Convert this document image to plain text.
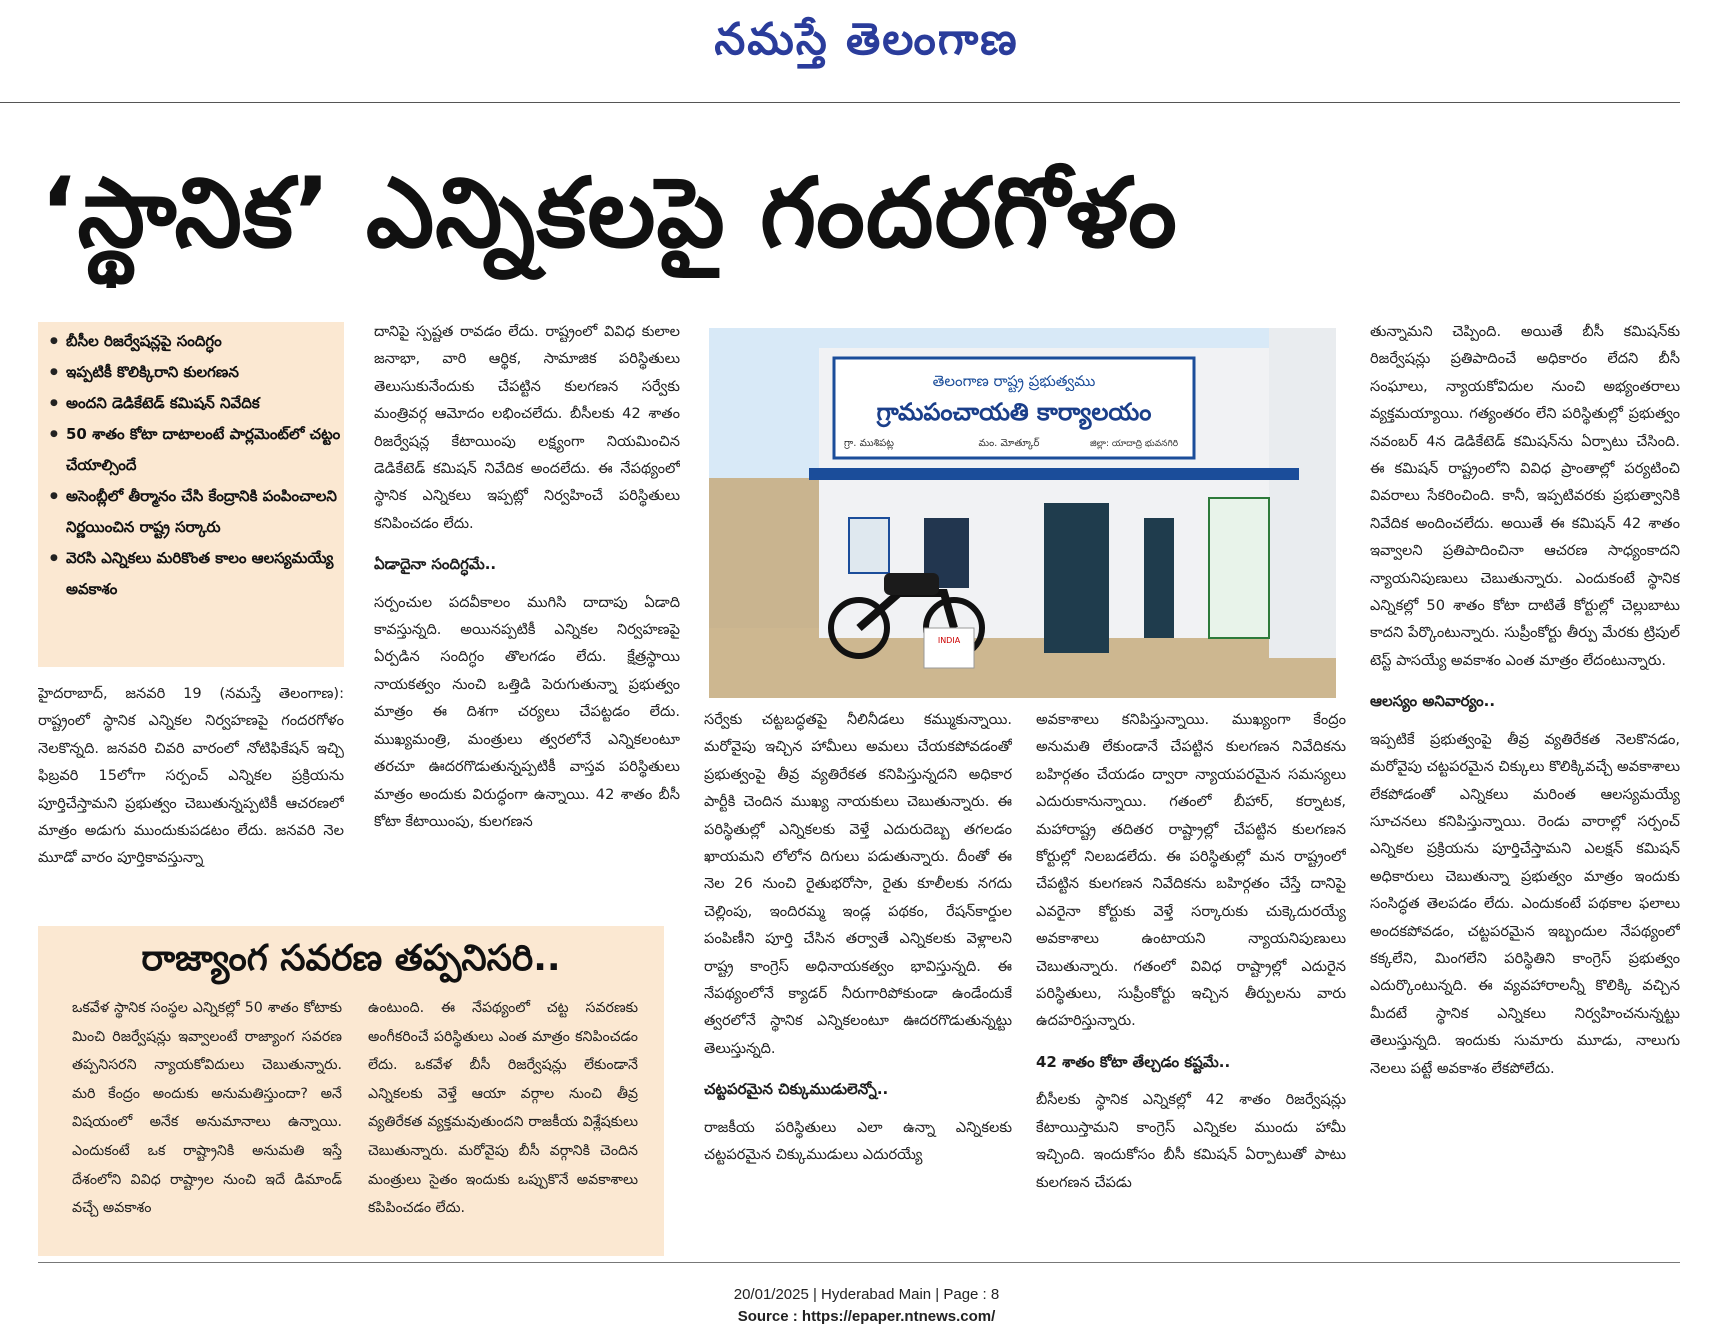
నమస్తే తెలంగాణ
‘స్థానిక’ ఎన్నికలపై గందరగోళం
● బీసీల రిజర్వేషన్లపై సందిగ్ధం
● ఇప్పటికీ కొలిక్కిరాని కులగణన
● అందని డెడికేటెడ్ కమిషన్ నివేదిక
● 50 శాతం కోటా దాటాలంటే పార్లమెంట్‌లో చట్టం చేయాల్సిందే
● అసెంబ్లీలో తీర్మానం చేసి కేంద్రానికి పంపించాలని నిర్ణయించిన రాష్ట్ర సర్కారు
● వెరసి ఎన్నికలు మరికొంత కాలం ఆలస్యమయ్యే అవకాశం

హైదరాబాద్, జనవరి 19 (నమస్తే తెలంగాణ): రాష్ట్రంలో స్థానిక ఎన్నికల నిర్వహణపై గందరగోళం నెలకొన్నది. జనవరి చివరి వారంలో నోటిఫికేషన్ ఇచ్చి ఫిబ్రవరి 15లోగా సర్పంచ్ ఎన్నికల ప్రక్రియను పూర్తిచేస్తామని ప్రభుత్వం చెబుతున్నప్పటికీ ఆచరణలో మాత్రం అడుగు ముందుకుపడటం లేదు. జనవరి నెల మూడో వారం పూర్తికావస్తున్నా

దానిపై స్పష్టత రావడం లేదు. రాష్ట్రంలో వివిధ కులాల జనాభా, వారి ఆర్థిక, సామాజిక పరిస్థితులు తెలుసుకునేందుకు చేపట్టిన కులగణన సర్వేకు మంత్రివర్గ ఆమోదం లభించలేదు. బీసీలకు 42 శాతం రిజర్వేషన్ల కేటాయింపు లక్ష్యంగా నియమించిన డెడికేటెడ్ కమిషన్ నివేదిక అందలేదు. ఈ నేపథ్యంలో స్థానిక ఎన్నికలు ఇప్పట్లో నిర్వహించే పరిస్థితులు కనిపించడం లేదు.

ఏడాదైనా సందిగ్ధమే..

సర్పంచుల పదవీకాలం ముగిసి దాదాపు ఏడాది కావస్తున్నది. అయినప్పటికీ ఎన్నికల నిర్వహణపై ఏర్పడిన సందిగ్ధం తొలగడం లేదు. క్షేత్రస్థాయి నాయకత్వం నుంచి ఒత్తిడి పెరుగుతున్నా ప్రభుత్వం మాత్రం ఈ దిశగా చర్యలు చేపట్టడం లేదు. ముఖ్యమంత్రి, మంత్రులు త్వరలోనే ఎన్నికలంటూ తరచూ ఊదరగొడుతున్నప్పటికీ వాస్తవ పరిస్థితులు మాత్రం అందుకు విరుద్ధంగా ఉన్నాయి. 42 శాతం బీసీ కోటా కేటాయింపు, కులగణన

తెలంగాణ రాష్ట్ర ప్రభుత్వము
గ్రామపంచాయతి కార్యాలయం
గ్రా. ముశిపట్ల	మం. మోత్కూర్	జిల్లా: యాదాద్రి భువనగిరి
INDIA

సర్వేకు చట్టబద్ధతపై నీలినీడలు కమ్ముకున్నాయి. మరోవైపు ఇచ్చిన హామీలు అమలు చేయకపోవడంతో ప్రభుత్వంపై తీవ్ర వ్యతిరేకత కనిపిస్తున్నదని అధికార పార్టీకి చెందిన ముఖ్య నాయకులు చెబుతున్నారు. ఈ పరిస్థితుల్లో ఎన్నికలకు వెళ్తే ఎదురుదెబ్బ తగలడం ఖాయమని లోలోన దిగులు పడుతున్నారు. దీంతో ఈ నెల 26 నుంచి రైతుభరోసా, రైతు కూలీలకు నగదు చెల్లింపు, ఇందిరమ్మ ఇండ్ల పథకం, రేషన్‌కార్డుల పంపిణీని పూర్తి చేసిన తర్వాతే ఎన్నికలకు వెళ్లాలని రాష్ట్ర కాంగ్రెస్ అధినాయకత్వం భావిస్తున్నది. ఈ నేపథ్యంలోనే క్యాడర్ నీరుగారిపోకుండా ఉండేందుకే త్వరలోనే స్థానిక ఎన్నికలంటూ ఊదరగొడుతున్నట్టు తెలుస్తున్నది.

చట్టపరమైన చిక్కుముడులెన్నో..

రాజకీయ పరిస్థితులు ఎలా ఉన్నా ఎన్నికలకు చట్టపరమైన చిక్కుముడులు ఎదురయ్యే

అవకాశాలు కనిపిస్తున్నాయి. ముఖ్యంగా కేంద్రం అనుమతి లేకుండానే చేపట్టిన కులగణన నివేదికను బహిర్గతం చేయడం ద్వారా న్యాయపరమైన సమస్యలు ఎదురుకానున్నాయి. గతంలో బీహార్, కర్నాటక, మహారాష్ట్ర తదితర రాష్ట్రాల్లో చేపట్టిన కులగణన కోర్టుల్లో నిలబడలేదు. ఈ పరిస్థితుల్లో మన రాష్ట్రంలో చేపట్టిన కులగణన నివేదికను బహిర్గతం చేస్తే దానిపై ఎవరైనా కోర్టుకు వెళ్తే సర్కారుకు చుక్కెదురయ్యే అవకాశాలు ఉంటాయని న్యాయనిపుణులు చెబుతున్నారు. గతంలో వివిధ రాష్ట్రాల్లో ఎదురైన పరిస్థితులు, సుప్రీంకోర్టు ఇచ్చిన తీర్పులను వారు ఉదహరిస్తున్నారు.

42 శాతం కోటా తేల్చడం కష్టమే..

బీసీలకు స్థానిక ఎన్నికల్లో 42 శాతం రిజర్వేషన్లు కేటాయిస్తామని కాంగ్రెస్ ఎన్నికల ముందు హామీ ఇచ్చింది. ఇందుకోసం బీసీ కమిషన్ ఏర్పాటుతో పాటు కులగణన చేపడు

తున్నామని చెప్పింది. అయితే బీసీ కమిషన్‌కు రిజర్వేషన్లు ప్రతిపాదించే అధికారం లేదని బీసీ సంఘాలు, న్యాయకోవిదుల నుంచి అభ్యంతరాలు వ్యక్తమయ్యాయి. గత్యంతరం లేని పరిస్థితుల్లో ప్రభుత్వం నవంబర్ 4న డెడికేటెడ్ కమిషన్‌ను ఏర్పాటు చేసింది. ఈ కమిషన్ రాష్ట్రంలోని వివిధ ప్రాంతాల్లో పర్యటించి వివరాలు సేకరించింది. కానీ, ఇప్పటివరకు ప్రభుత్వానికి నివేదిక అందించలేదు. అయితే ఈ కమిషన్ 42 శాతం ఇవ్వాలని ప్రతిపాదించినా ఆచరణ సాధ్యంకాదని న్యాయనిపుణులు చెబుతున్నారు. ఎందుకంటే స్థానిక ఎన్నికల్లో 50 శాతం కోటా దాటితే కోర్టుల్లో చెల్లుబాటు కాదని పేర్కొంటున్నారు. సుప్రీంకోర్టు తీర్పు మేరకు ట్రిపుల్ టెస్ట్ పాసయ్యే అవకాశం ఎంత మాత్రం లేదంటున్నారు.

ఆలస్యం అనివార్యం..

ఇప్పటికే ప్రభుత్వంపై తీవ్ర వ్యతిరేకత నెలకొనడం, మరోవైపు చట్టపరమైన చిక్కులు కొలిక్కివచ్చే అవకాశాలు లేకపోడంతో ఎన్నికలు మరింత ఆలస్యమయ్యే సూచనలు కనిపిస్తున్నాయి. రెండు వారాల్లో సర్పంచ్ ఎన్నికల ప్రక్రియను పూర్తిచేస్తామని ఎలక్షన్ కమిషన్ అధికారులు చెబుతున్నా ప్రభుత్వం మాత్రం ఇందుకు సంసిద్ధత తెలపడం లేదు. ఎందుకంటే పథకాల ఫలాలు అందకపోవడం, చట్టపరమైన ఇబ్బందుల నేపథ్యంలో కక్కలేని, మింగలేని పరిస్థితిని కాంగ్రెస్ ప్రభుత్వం ఎదుర్కొంటున్నది. ఈ వ్యవహారాలన్నీ కొలిక్కి వచ్చిన మీదటే స్థానిక ఎన్నికలు నిర్వహించనున్నట్టు తెలుస్తున్నది. ఇందుకు సుమారు మూడు, నాలుగు నెలలు పట్టే అవకాశం లేకపోలేదు.

రాజ్యాంగ సవరణ తప్పనిసరి..

ఒకవేళ స్థానిక సంస్థల ఎన్నికల్లో 50 శాతం కోటాకు మించి రిజర్వేషన్లు ఇవ్వాలంటే రాజ్యాంగ సవరణ తప్పనిసరని న్యాయకోవిదులు చెబుతున్నారు. మరి కేంద్రం అందుకు అనుమతిస్తుందా? అనే విషయంలో అనేక అనుమానాలు ఉన్నాయి. ఎందుకంటే ఒక రాష్ట్రానికి అనుమతి ఇస్తే దేశంలోని వివిధ రాష్ట్రాల నుంచి ఇదే డిమాండ్ వచ్చే అవకాశం

ఉంటుంది. ఈ నేపథ్యంలో చట్ట సవరణకు అంగీకరించే పరిస్థితులు ఎంత మాత్రం కనిపించడం లేదు. ఒకవేళ బీసీ రిజర్వేషన్లు లేకుండానే ఎన్నికలకు వెళ్తే ఆయా వర్గాల నుంచి తీవ్ర వ్యతిరేకత వ్యక్తమవుతుందని రాజకీయ విశ్లేషకులు చెబుతున్నారు. మరోవైపు బీసీ వర్గానికి చెందిన మంత్రులు సైతం ఇందుకు ఒప్పుకొనే అవకాశాలు కపిపించడం లేదు.

20/01/2025 | Hyderabad Main | Page : 8
Source : https://epaper.ntnews.com/
